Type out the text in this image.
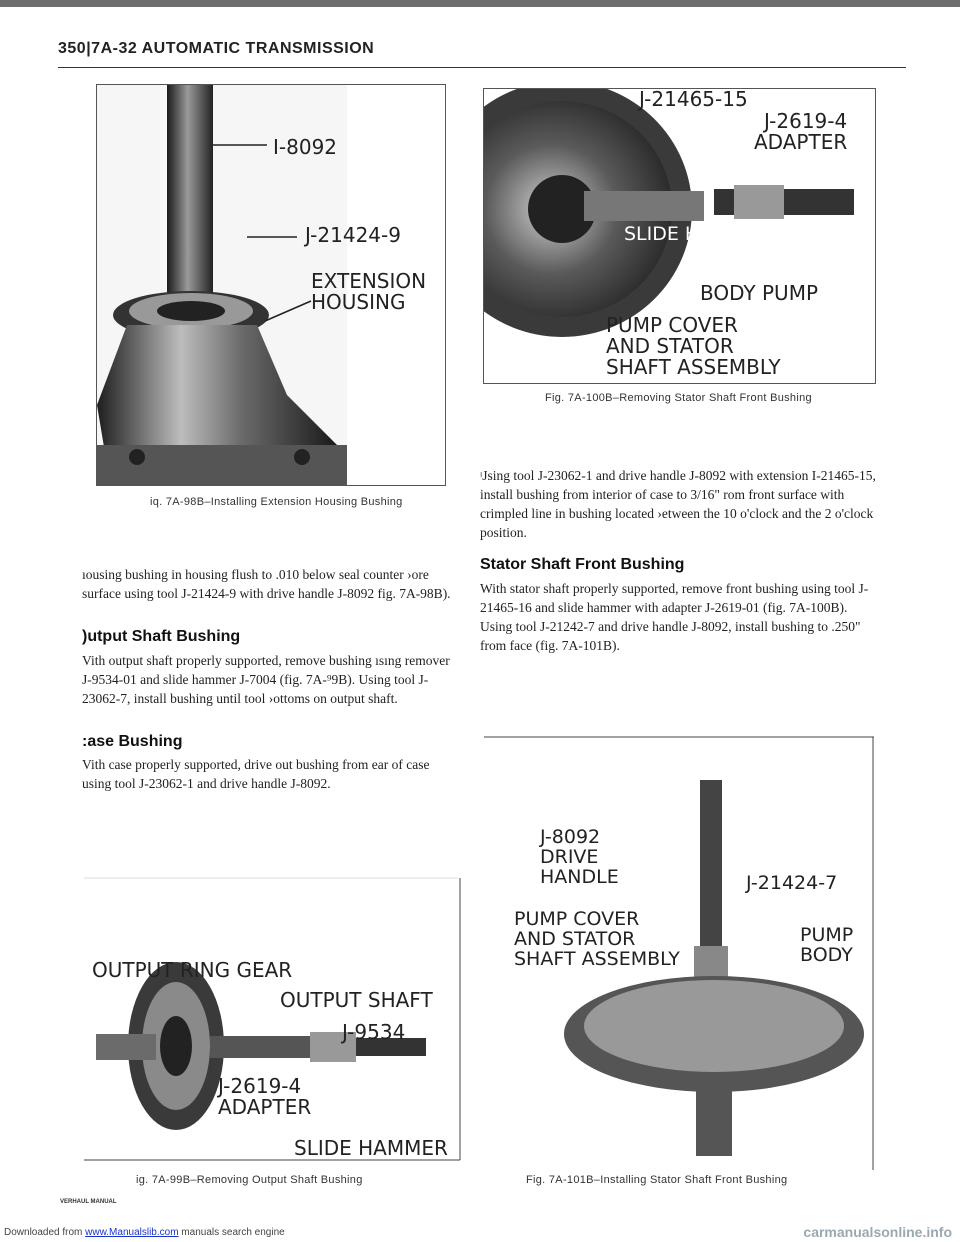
350|7A-32 AUTOMATIC TRANSMISSION
I-8092
J-21424-9
EXTENSION
HOUSING
iq. 7A-98B–Installing Extension Housing Bushing
J-21465-15
J-2619-4
ADAPTER
SLIDE HAMMER
BODY PUMP
PUMP COVER
AND STATOR
SHAFT ASSEMBLY
Fig. 7A-100B–Removing Stator Shaft Front Bushing
ıousing bushing in housing flush to .010 below seal counter ›ore surface using tool J-21424-9 with drive handle J-8092 fig. 7A-98B).
)utput Shaft Bushing
Vith output shaft properly supported, remove bushing ısıng remover J-9534-01 and slide hammer J-7004 (fig. 7A-⁹9B). Using tool J-23062-7, install bushing until tool ›ottoms on output shaft.
:ase Bushing
Vith case properly supported, drive out bushing from ear of case using tool J-23062-1 and drive handle J-8092.
ᶦJsing tool J-23062-1 and drive handle J-8092 with extension I-21465-15, install bushing from interior of case to 3/16" rom front surface with crimpled line in bushing located ›etween the 10 o'clock and the 2 o'clock position.
Stator Shaft Front Bushing
With stator shaft properly supported, remove front bushing using tool J-21465-16 and slide hammer with adapter J-2619-01 (fig. 7A-100B). Using tool J-21242-7 and drive handle J-8092, install bushing to .250" from face (fig. 7A-101B).
OUTPUT RING GEAR
OUTPUT SHAFT
J-9534
J-2619-4
ADAPTER
SLIDE HAMMER
ig. 7A-99B–Removing Output Shaft Bushing
J-8092
DRIVE
HANDLE	J-21424-7
PUMP COVER
AND STATOR
SHAFT ASSEMBLY
PUMP
BODY
Fig. 7A-101B–Installing Stator Shaft Front Bushing
VERHAUL MANUAL
Downloaded from www.Manualslib.com manuals search engine	carmanualsonline.info
